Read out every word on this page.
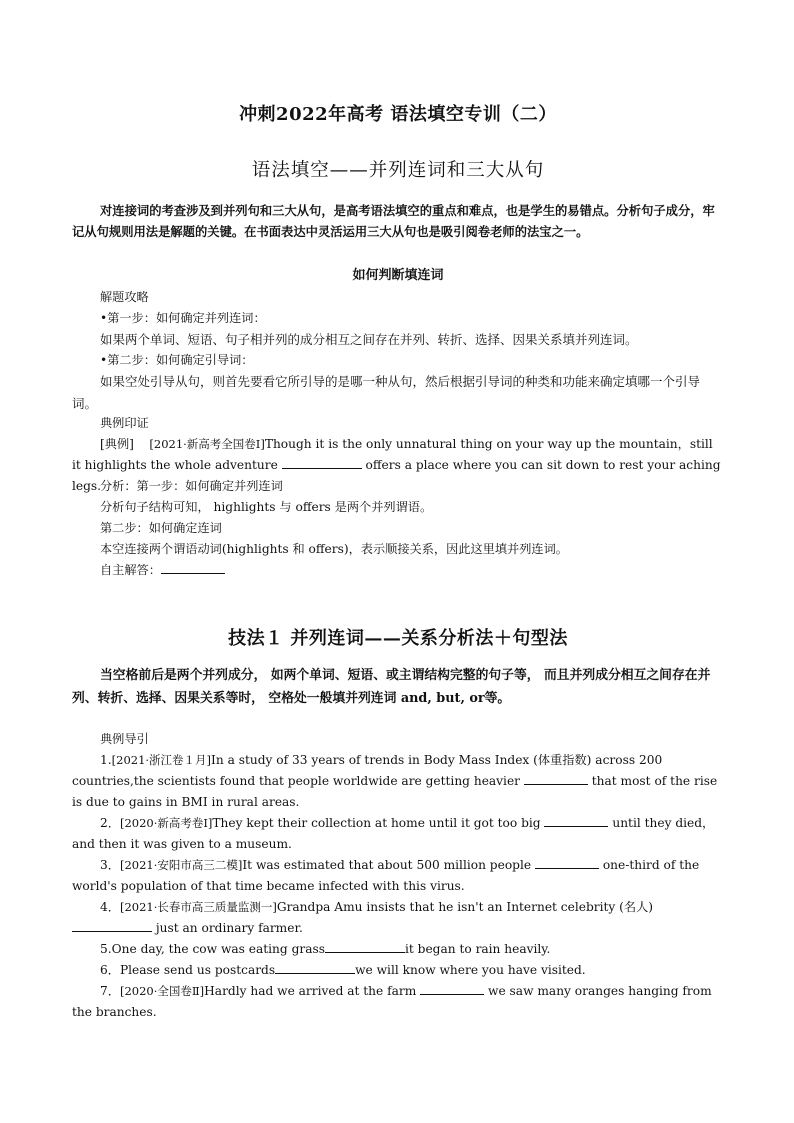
冲刺2022年高考 语法填空专训（二）
语法填空——并列连词和三大从句
对连接词的考查涉及到并列句和三大从句，是高考语法填空的重点和难点，也是学生的易错点。分析句子成分，牢记从句规则用法是解题的关键。在书面表达中灵活运用三大从句也是吸引阅卷老师的法宝之一。
如何判断填连词
解题攻略
•第一步：如何确定并列连词：
如果两个单词、短语、句子相并列的成分相互之间存在并列、转折、选择、因果关系填并列连词。
•第二步：如何确定引导词：
如果空处引导从句，则首先要看它所引导的是哪一种从句，然后根据引导词的种类和功能来确定填哪一个引导词。
典例印证
[典例] [2021·新高考全国卷Ⅰ]Though it is the only unnatural thing on your way up the mountain，still it highlights the whole adventure	offers a place where you can sit down to rest your aching legs.
分析：第一步：如何确定并列连词
分析句子结构可知， highlights 与 offers 是两个并列谓语。
第二步：如何确定连词
本空连接两个谓语动词(highlights 和 offers)，表示顺接关系，因此这里填并列连词。
自主解答：
技法１ 并列连词——关系分析法＋句型法
当空格前后是两个并列成分， 如两个单词、短语、或主谓结构完整的句子等， 而且并列成分相互之间存在并列、转折、选择、因果关系等时， 空格处一般填并列连词 and, but, or等。
典例导引
1.[2021·浙江卷１月]In a study of 33 years of trends in Body Mass Index (体重指数) across 200 countries,the scientists found that people worldwide are getting heavier	that most of the rise is due to gains in BMI in rural areas.
2．[2020·新高考卷Ⅰ]They kept their collection at home until it got too big	until they died，and then it was given to a museum.
3．[2021·安阳市高三二模]It was estimated that about 500 million people	one-third of the world's population of that time became infected with this virus.
4．[2021·长春市高三质量监测一]Grandpa Amu insists that he isn't an Internet celebrity (名人)  just an ordinary farmer.
5.One day, the cow was eating grass	it began to rain heavily.
6．Please send us postcards	we will know where you have visited.
7．[2020·全国卷Ⅱ]Hardly had we arrived at the farm	we saw many oranges hanging from the branches.
